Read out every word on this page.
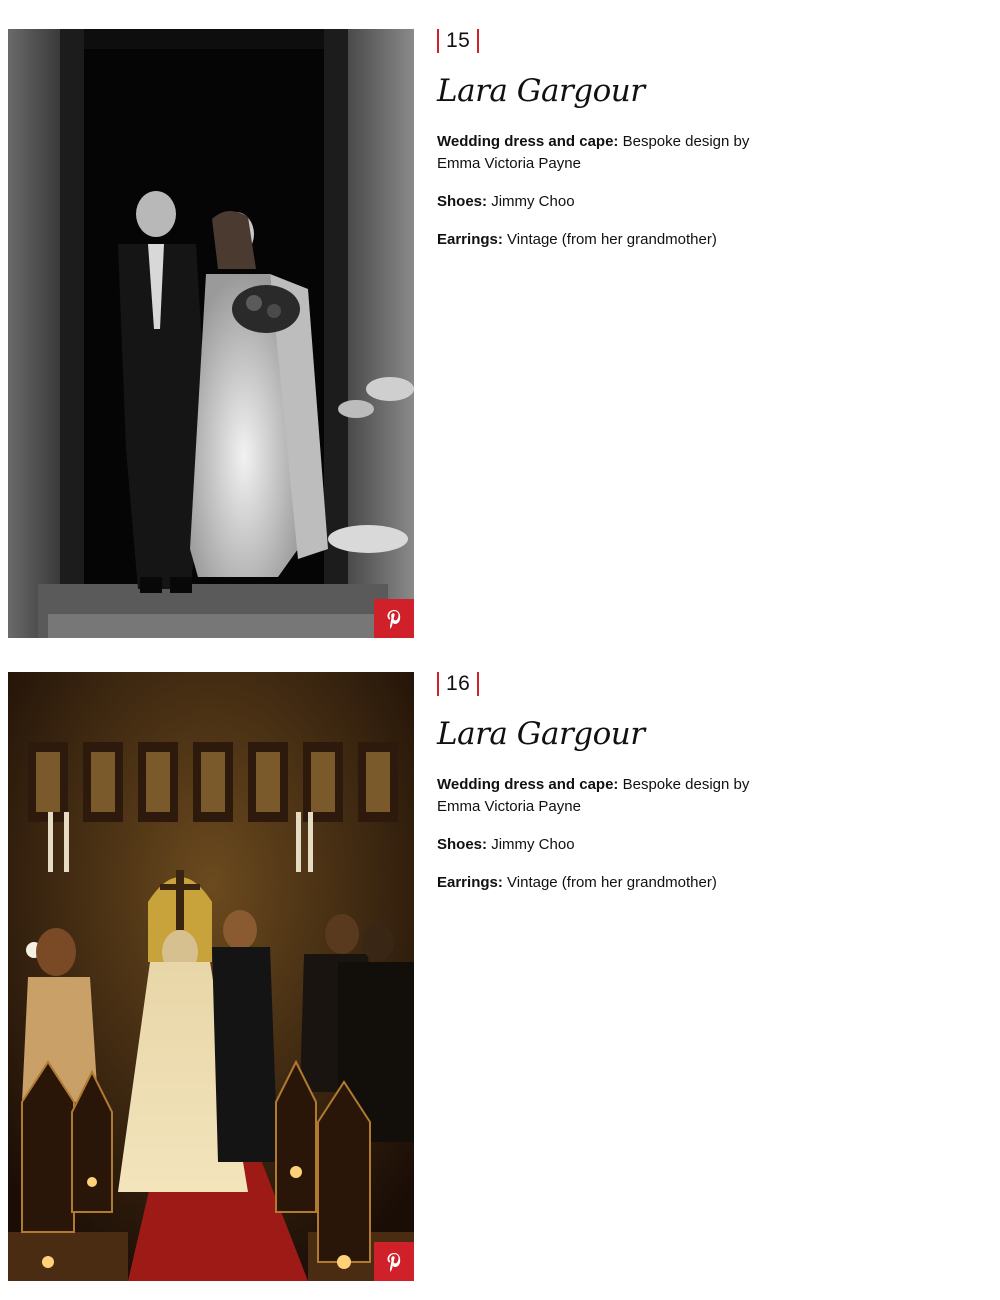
15
Lara Gargour

Wedding dress and cape: Bespoke design by Emma Victoria Payne

Shoes: Jimmy Choo

Earrings: Vintage (from her grandmother)

16
Lara Gargour

Wedding dress and cape: Bespoke design by Emma Victoria Payne

Shoes: Jimmy Choo

Earrings: Vintage (from her grandmother)
